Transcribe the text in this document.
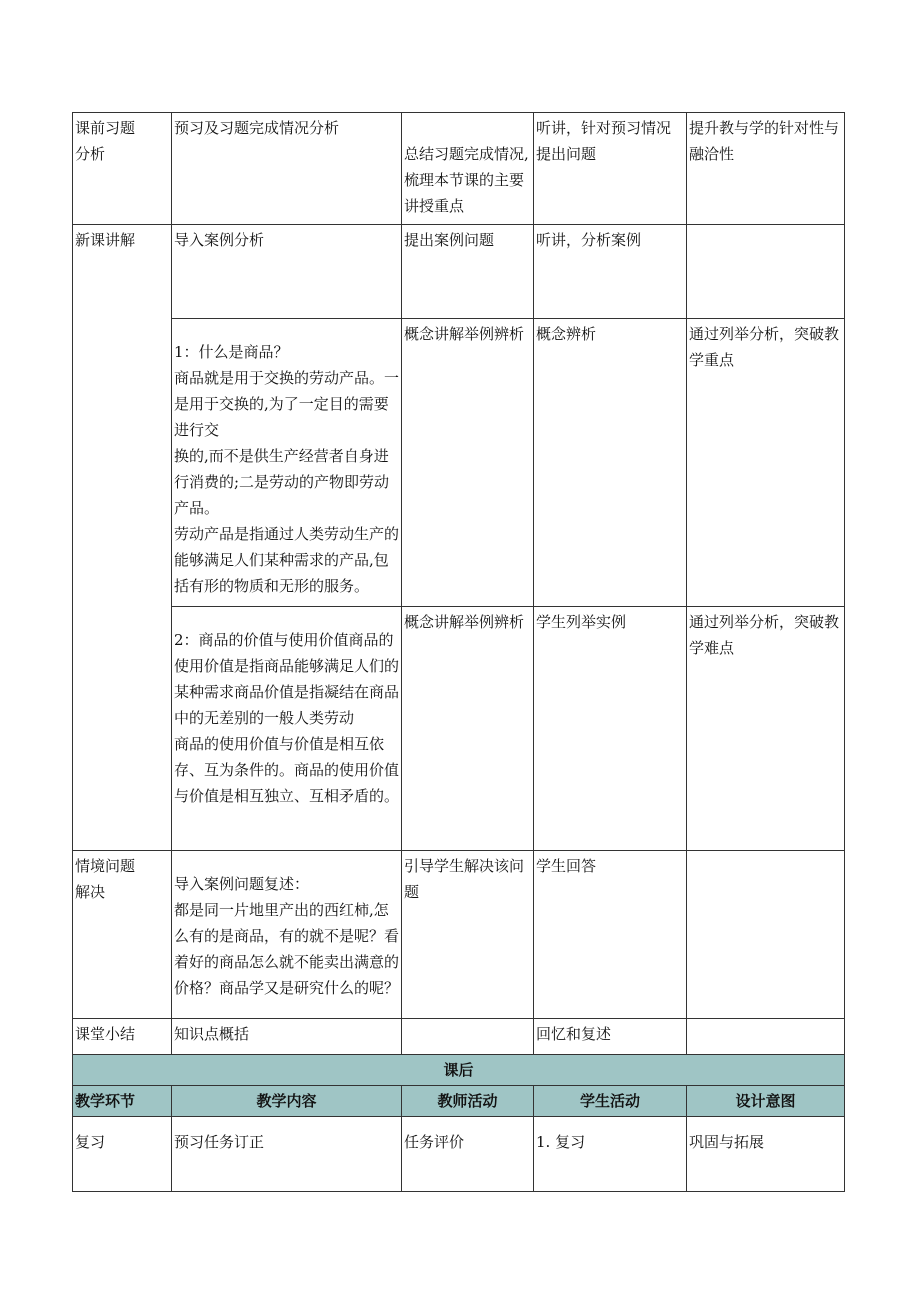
课前习题
分析	预习及习题完成情况分析	总结习题完成情况,梳理本节课的主要讲授重点	听讲，针对预习情况提出问题	提升教与学的针对性与融洽性
新课讲解	导入案例分析	提出案例问题	听讲，分析案例	
	1：什么是商品？
商品就是用于交换的劳动产品。一是用于交换的,为了一定目的需要进行交
换的,而不是供生产经营者自身进行消费的;二是劳动的产物即劳动产品。
劳动产品是指通过人类劳动生产的能够满足人们某种需求的产品,包括有形的物质和无形的服务。	概念讲解举例辨析	概念辨析	通过列举分析，突破教学重点
	2：商品的价值与使用价值商品的使用价值是指商品能够满足人们的某种需求商品价值是指凝结在商品中的无差别的一般人类劳动
商品的使用价值与价值是相互依存、互为条件的。商品的使用价值与价值是相互独立、互相矛盾的。	概念讲解举例辨析	学生列举实例	通过列举分析，突破教学难点
情境问题
解决	导入案例问题复述：
都是同一片地里产出的西红柿,怎么有的是商品，有的就不是呢？看着好的商品怎么就不能卖出满意的价格？商品学又是研究什么的呢？	引导学生解决该问题	学生回答	
课堂小结	知识点概括		回忆和复述	
课后				
教学环节	教学内容	教师活动	学生活动	设计意图
复习	预习任务订正	任务评价	1. 复习	巩固与拓展
